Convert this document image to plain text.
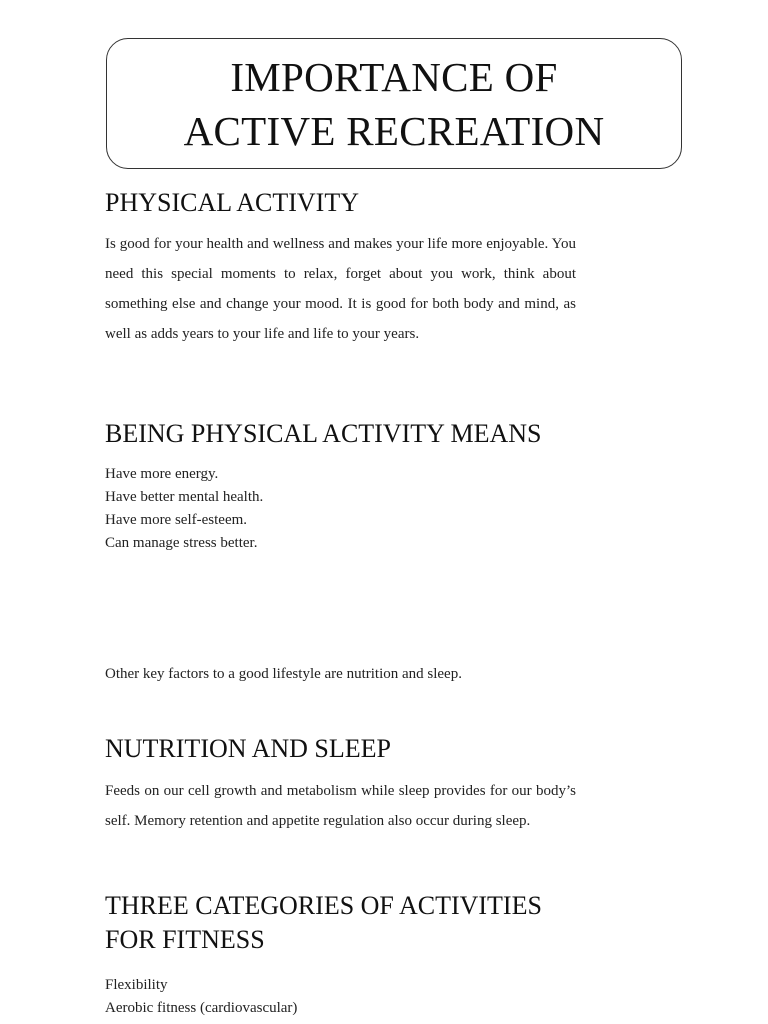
IMPORTANCE OF
ACTIVE RECREATION
PHYSICAL ACTIVITY
Is good for your health and wellness and makes your life more enjoyable. You need this special moments to relax, forget about you work, think about something else and change your mood. It is good for both body and mind, as well as adds years to your life and life to your years.
BEING PHYSICAL ACTIVITY MEANS
Have more energy.
Have better mental health.
Have more self-esteem.
Can manage stress better.
Other key factors to a good lifestyle are nutrition and sleep.
NUTRITION AND SLEEP
Feeds on our cell growth and metabolism while sleep provides for our body’s self. Memory retention and appetite regulation also occur during sleep.
THREE CATEGORIES OF ACTIVITIES
FOR FITNESS
Flexibility
Aerobic fitness (cardiovascular)
